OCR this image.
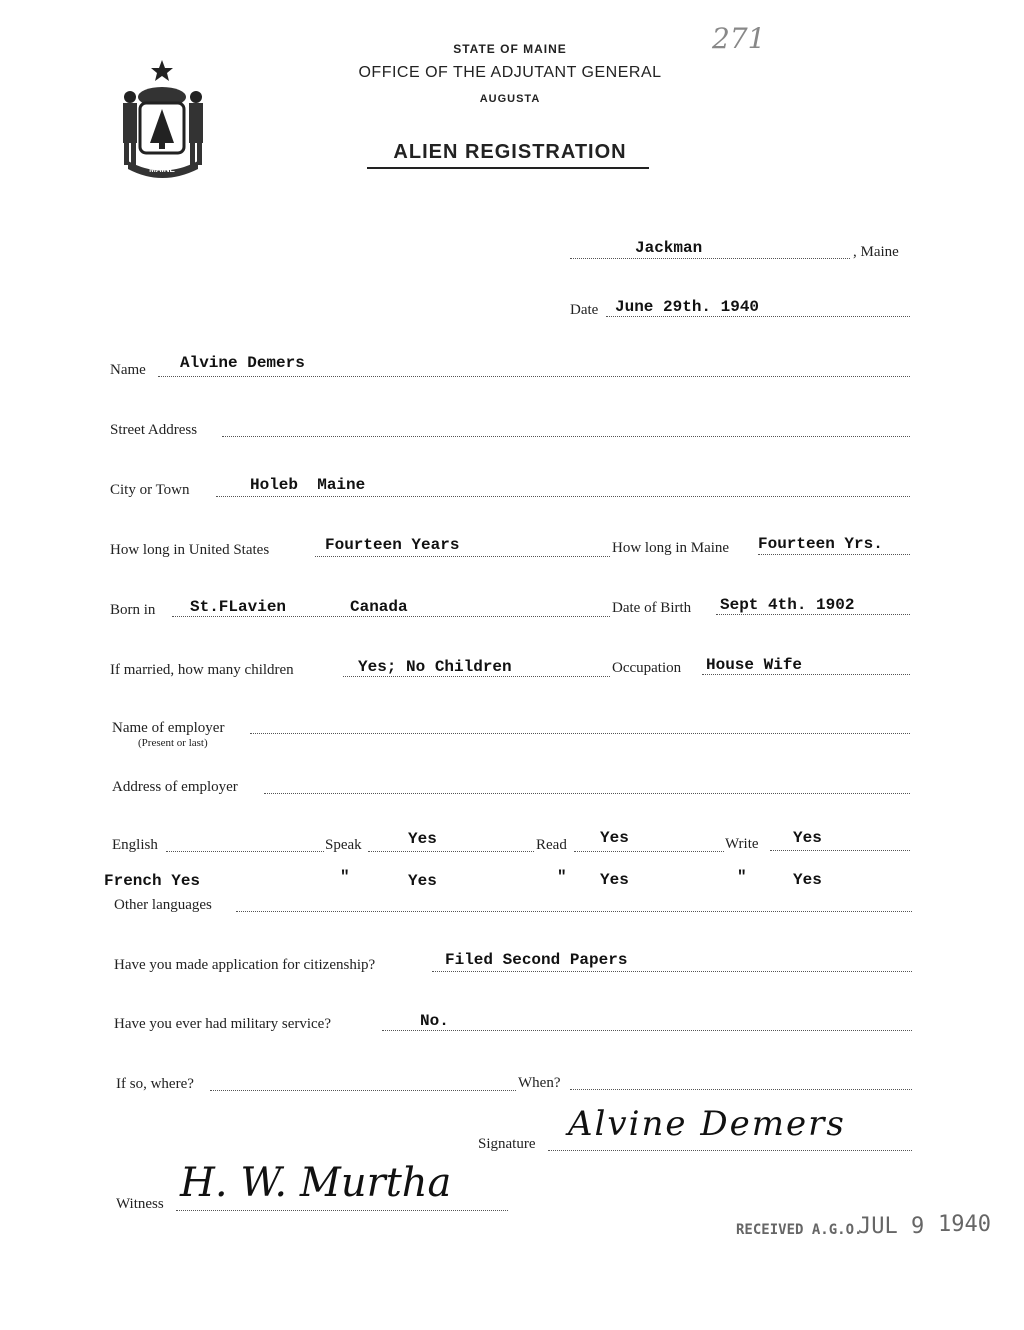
MAINE
STATE OF MAINE
OFFICE OF THE ADJUTANT GENERAL
AUGUSTA
ALIEN REGISTRATION
271
Jackman	, Maine
Date June 29th. 1940
Name Alvine Demers
Street Address
City or Town	Holeb  Maine
How long in United States	Fourteen Years	How long in Maine Fourteen Yrs.
Born in St.FLavien	Canada	Date of Birth Sept 4th. 1902
If married, how many children	Yes; No Children	Occupation House Wife
Name of employer
(Present or last)
Address of employer
English	Speak	Yes	Read Yes	Write Yes
French Yes	"	Yes	" Yes	"	Yes
Other languages
Have you made application for citizenship?	Filed Second Papers
Have you ever had military service?	No.
If so, where?	When?
Signature Alvine Demers
Witness H. W. Murtha
RECEIVED A.G.O.
JUL 9 1940
